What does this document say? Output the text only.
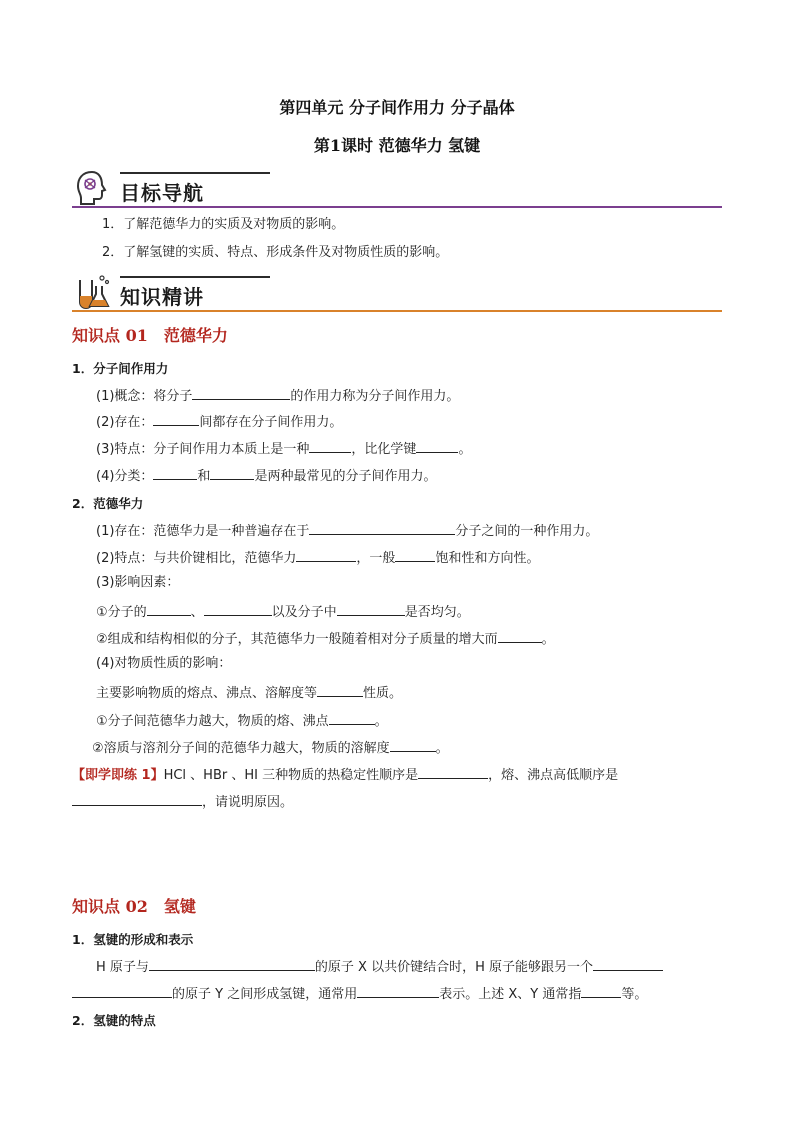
第四单元 分子间作用力 分子晶体
第1课时 范德华力 氢键
目标导航
1．了解范德华力的实质及对物质的影响。
2．了解氢键的实质、特点、形成条件及对物质性质的影响。
知识精讲
知识点 01　范德华力
1．分子间作用力
(1)概念：将分子	的作用力称为分子间作用力。
(2)存在：	间都存在分子间作用力。
(3)特点：分子间作用力本质上是一种	，比化学键	。
(4)分类：	和	是两种最常见的分子间作用力。
2．范德华力
(1)存在：范德华力是一种普遍存在于	分子之间的一种作用力。
(2)特点：与共价键相比，范德华力	，一般	饱和性和方向性。
(3)影响因素：
①分子的	、	以及分子中	是否均匀。
②组成和结构相似的分子，其范德华力一般随着相对分子质量的增大而	。
(4)对物质性质的影响：
主要影响物质的熔点、沸点、溶解度等	性质。
①分子间范德华力越大，物质的熔、沸点	。
②溶质与溶剂分子间的范德华力越大，物质的溶解度	。
【即学即练 1】HCl 、HBr 、HI 三种物质的热稳定性顺序是	，熔、沸点高低顺序是
，请说明原因。
知识点 02　氢键
1．氢键的形成和表示
H 原子与	的原子 X 以共价键结合时，H 原子能够跟另一个
的原子 Y 之间形成氢键，通常用	表示。上述 X、Y 通常指	等。
2．氢键的特点
